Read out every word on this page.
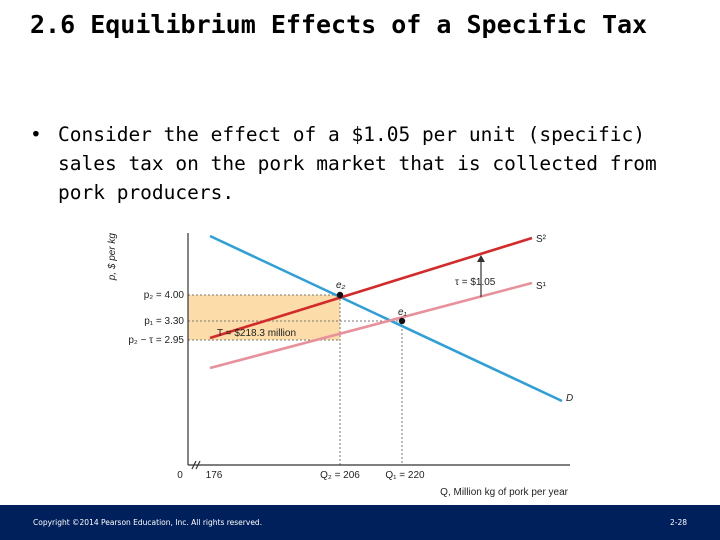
2.6 Equilibrium Effects of a Specific Tax
• Consider the effect of a $1.05 per unit (specific) sales tax on the pork market that is collected from pork producers.
p, $ per kg
p₂ = 4.00
p₁ = 3.30
p₂ − τ = 2.95
0 176	Q₂ = 206	Q₁ = 220
Q, Million kg of pork per year
S²
S¹
D
e₂
e₁
τ = $1.05
T = $218.3 million
Copyright ©2014 Pearson Education, Inc. All rights reserved.	2-28
